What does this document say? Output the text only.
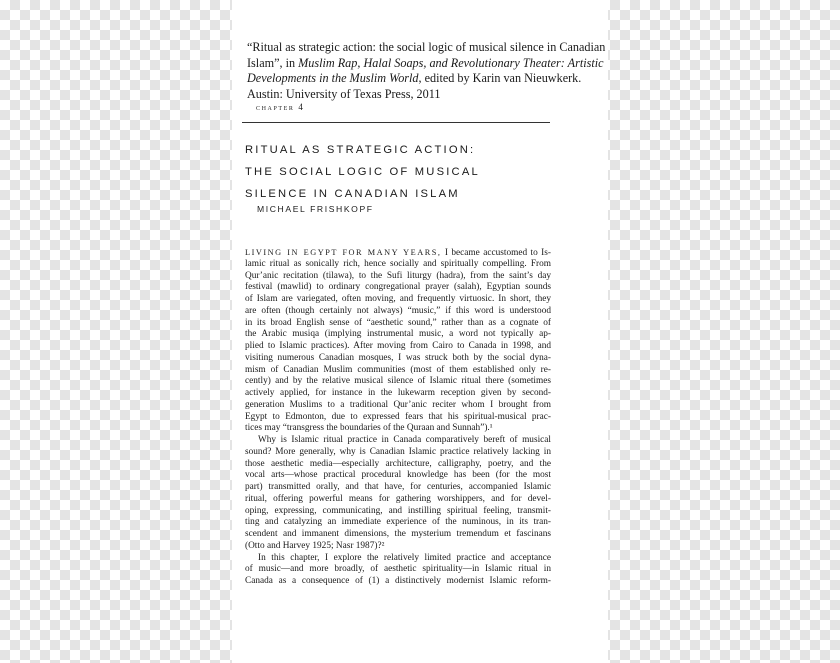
“Ritual as strategic action: the social logic of musical silence in Canadian Islam”, in Muslim Rap, Halal Soaps, and Revolutionary Theater: Artistic Developments in the Muslim World, edited by Karin van Nieuwkerk.
Austin: University of Texas Press, 2011
chapter 4
RITUAL AS STRATEGIC ACTION:
THE SOCIAL LOGIC OF MUSICAL
SILENCE IN CANADIAN ISLAM
MICHAEL FRISHKOPF
LIVING IN EGYPT FOR MANY YEARS, I became accustomed to Is-
lamic ritual as sonically rich, hence socially and spiritually compelling. From
Qur’anic recitation (tilawa), to the Sufi liturgy (hadra), from the saint’s day
festival (mawlid) to ordinary congregational prayer (salah), Egyptian sounds
of Islam are variegated, often moving, and frequently virtuosic. In short, they
are often (though certainly not always) “music,” if this word is understood
in its broad English sense of “aesthetic sound,” rather than as a cognate of
the Arabic musiqa (implying instrumental music, a word not typically ap-
plied to Islamic practices). After moving from Cairo to Canada in 1998, and
visiting numerous Canadian mosques, I was struck both by the social dyna-
mism of Canadian Muslim communities (most of them established only re-
cently) and by the relative musical silence of Islamic ritual there (sometimes
actively applied, for instance in the lukewarm reception given by second-
generation Muslims to a traditional Qur’anic reciter whom I brought from
Egypt to Edmonton, due to expressed fears that his spiritual-musical prac-
tices may “transgress the boundaries of the Quraan and Sunnah”).¹
Why is Islamic ritual practice in Canada comparatively bereft of musical
sound? More generally, why is Canadian Islamic practice relatively lacking in
those aesthetic media—especially architecture, calligraphy, poetry, and the
vocal arts—whose practical procedural knowledge has been (for the most
part) transmitted orally, and that have, for centuries, accompanied Islamic
ritual, offering powerful means for gathering worshippers, and for devel-
oping, expressing, communicating, and instilling spiritual feeling, transmit-
ting and catalyzing an immediate experience of the numinous, in its tran-
scendent and immanent dimensions, the mysterium tremendum et fascinans
(Otto and Harvey 1925; Nasr 1987)?²
In this chapter, I explore the relatively limited practice and acceptance
of music—and more broadly, of aesthetic spirituality—in Islamic ritual in
Canada as a consequence of (1) a distinctively modernist Islamic reform-
